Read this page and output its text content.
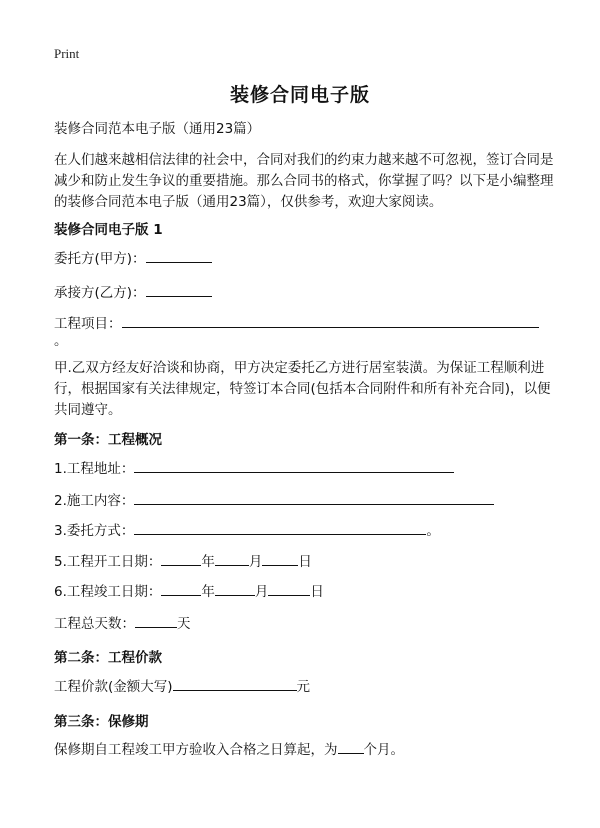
Print
装修合同电子版
装修合同范本电子版（通用23篇）
在人们越来越相信法律的社会中，合同对我们的约束力越来越不可忽视，签订合同是减少和防止发生争议的重要措施。那么合同书的格式，你掌握了吗？以下是小编整理的装修合同范本电子版（通用23篇），仅供参考，欢迎大家阅读。
装修合同电子版 1
委托方(甲方)：
承接方(乙方)：
工程项目：
。
甲.乙双方经友好洽谈和协商，甲方决定委托乙方进行居室装潢。为保证工程顺利进行，根据国家有关法律规定，特签订本合同(包括本合同附件和所有补充合同)，以便共同遵守。
第一条：工程概况
1.工程地址：
2.施工内容：
3.委托方式：	。
5.工程开工日期：	年	月	日
6.工程竣工日期：	年	月	日
工程总天数：	天
第二条：工程价款
工程价款(金额大写)	元
第三条：保修期
保修期自工程竣工甲方验收入合格之日算起，为 个月。
